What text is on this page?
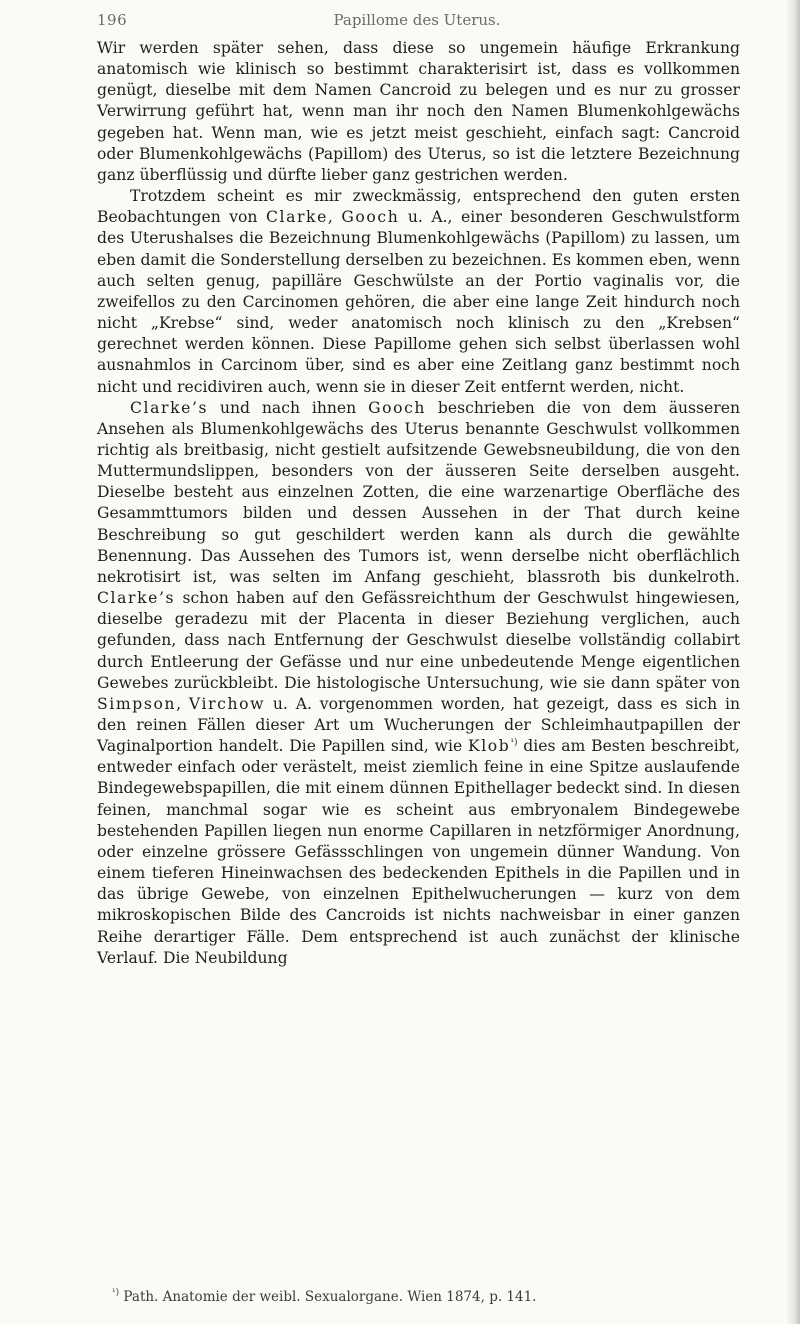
196	Papillome des Uterus.

Wir werden später sehen, dass diese so ungemein häufige Erkrankung anatomisch wie klinisch so bestimmt charakterisirt ist, dass es vollkommen genügt, dieselbe mit dem Namen Cancroid zu belegen und es nur zu grosser Verwirrung geführt hat, wenn man ihr noch den Namen Blumenkohlgewächs gegeben hat. Wenn man, wie es jetzt meist geschieht, einfach sagt: Cancroid oder Blumenkohlgewächs (Papillom) des Uterus, so ist die letztere Bezeichnung ganz überflüssig und dürfte lieber ganz gestrichen werden.

Trotzdem scheint es mir zweckmässig, entsprechend den guten ersten Beobachtungen von Clarke, Gooch u. A., einer besonderen Geschwulstform des Uterushalses die Bezeichnung Blumenkohlgewächs (Papillom) zu lassen, um eben damit die Sonderstellung derselben zu bezeichnen. Es kommen eben, wenn auch selten genug, papilläre Geschwülste an der Portio vaginalis vor, die zweifellos zu den Carcinomen gehören, die aber eine lange Zeit hindurch noch nicht „Krebse“ sind, weder anatomisch noch klinisch zu den „Krebsen“ gerechnet werden können. Diese Papillome gehen sich selbst überlassen wohl ausnahmlos in Carcinom über, sind es aber eine Zeitlang ganz bestimmt noch nicht und recidiviren auch, wenn sie in dieser Zeit entfernt werden, nicht.

Clarke’s und nach ihnen Gooch beschrieben die von dem äusseren Ansehen als Blumenkohlgewächs des Uterus benannte Geschwulst vollkommen richtig als breitbasig, nicht gestielt aufsitzende Gewebsneubildung, die von den Muttermundslippen, besonders von der äusseren Seite derselben ausgeht. Dieselbe besteht aus einzelnen Zotten, die eine warzenartige Oberfläche des Gesammttumors bilden und dessen Aussehen in der That durch keine Beschreibung so gut geschildert werden kann als durch die gewählte Benennung. Das Aussehen des Tumors ist, wenn derselbe nicht oberflächlich nekrotisirt ist, was selten im Anfang geschieht, blassroth bis dunkelroth. Clarke’s schon haben auf den Gefässreichthum der Geschwulst hingewiesen, dieselbe geradezu mit der Placenta in dieser Beziehung verglichen, auch gefunden, dass nach Entfernung der Geschwulst dieselbe vollständig collabirt durch Entleerung der Gefässe und nur eine unbedeutende Menge eigentlichen Gewebes zurückbleibt. Die histologische Untersuchung, wie sie dann später von Simpson, Virchow u. A. vorgenommen worden, hat gezeigt, dass es sich in den reinen Fällen dieser Art um Wucherungen der Schleimhautpapillen der Vaginalportion handelt. Die Papillen sind, wie Klob$^{^1)}$ dies am Besten beschreibt, entweder einfach oder verästelt, meist ziemlich feine in eine Spitze auslaufende Bindegewebspapillen, die mit einem dünnen Epithellager bedeckt sind. In diesen feinen, manchmal sogar wie es scheint aus embryonalem Bindegewebe bestehenden Papillen liegen nun enorme Capillaren in netzförmiger Anordnung, oder einzelne grössere Gefässschlingen von ungemein dünner Wandung. Von einem tieferen Hineinwachsen des bedeckenden Epithels in die Papillen und in das übrige Gewebe, von einzelnen Epithelwucherungen — kurz von dem mikroskopischen Bilde des Cancroids ist nichts nachweisbar in einer ganzen Reihe derartiger Fälle. Dem entsprechend ist auch zunächst der klinische Verlauf. Die Neubildung

$^{^1)}$ Path. Anatomie der weibl. Sexualorgane. Wien 1874, p. 141.
